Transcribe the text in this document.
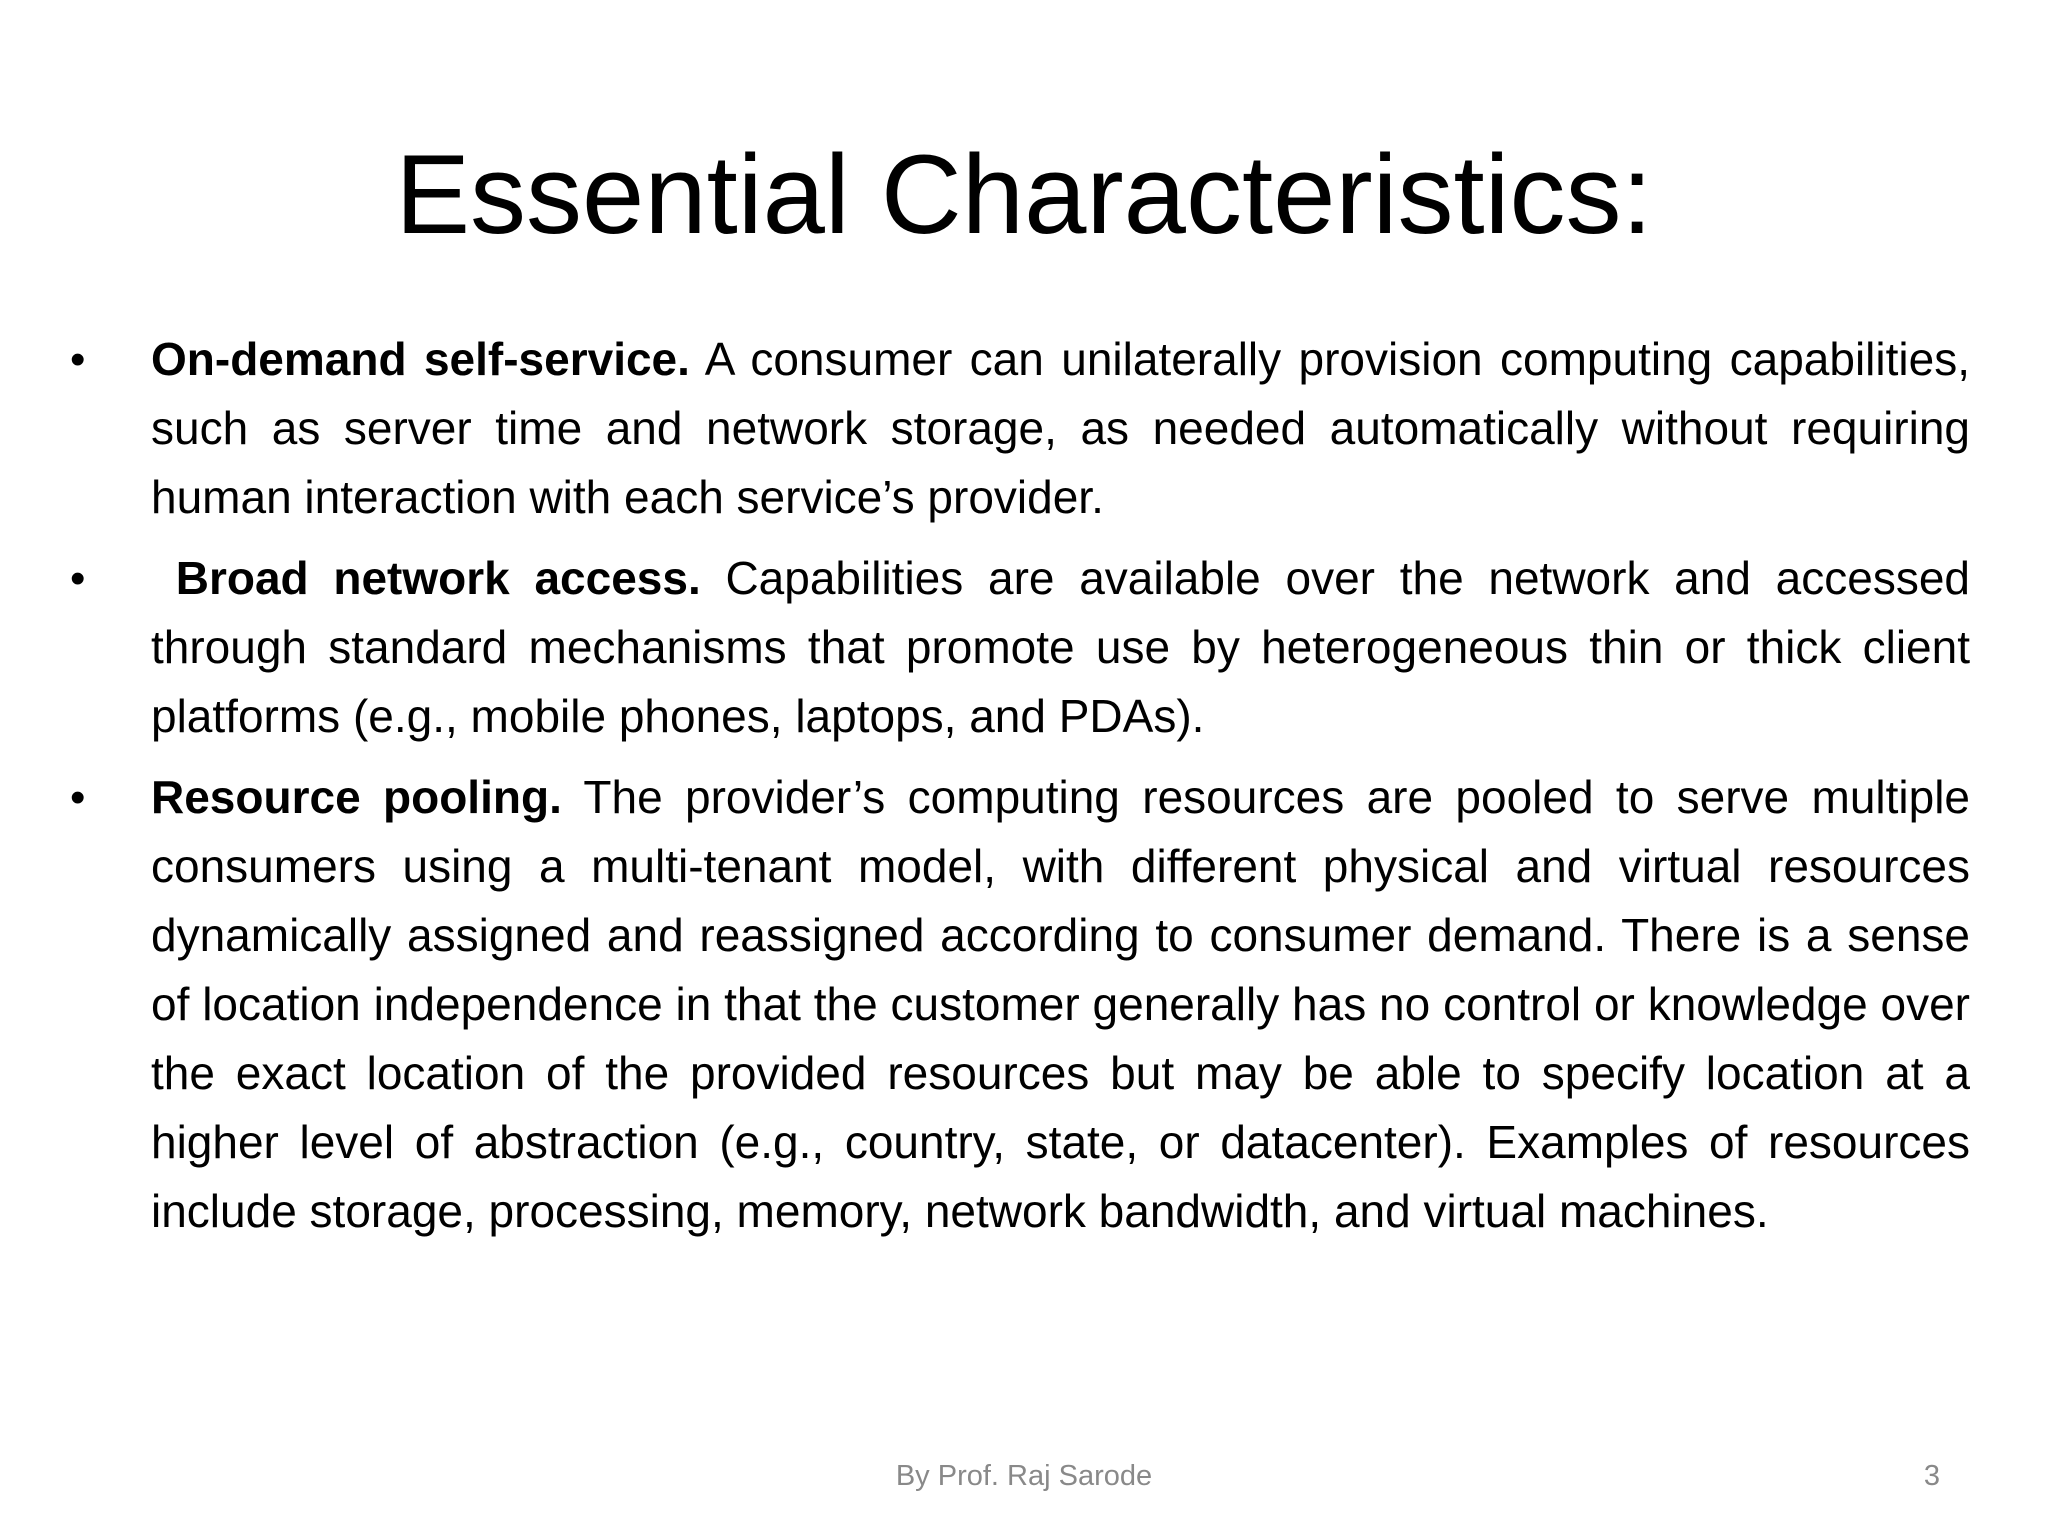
Essential Characteristics:
•	On-demand self-service. A consumer can unilaterally provision computing capabilities, such as server time and network storage, as needed automatically without requiring human interaction with each service’s provider.
•	Broad network access. Capabilities are available over the network and accessed through standard mechanisms that promote use by heterogeneous thin or thick client platforms (e.g., mobile phones, laptops, and PDAs).
•	Resource pooling. The provider’s computing resources are pooled to serve multiple consumers using a multi-tenant model, with different physical and virtual resources dynamically assigned and reassigned according to consumer demand. There is a sense of location independence in that the customer generally has no control or knowledge over the exact location of the provided resources but may be able to specify location at a higher level of abstraction (e.g., country, state, or datacenter). Examples of resources include storage, processing, memory, network bandwidth, and virtual machines.
By Prof. Raj Sarode	3
